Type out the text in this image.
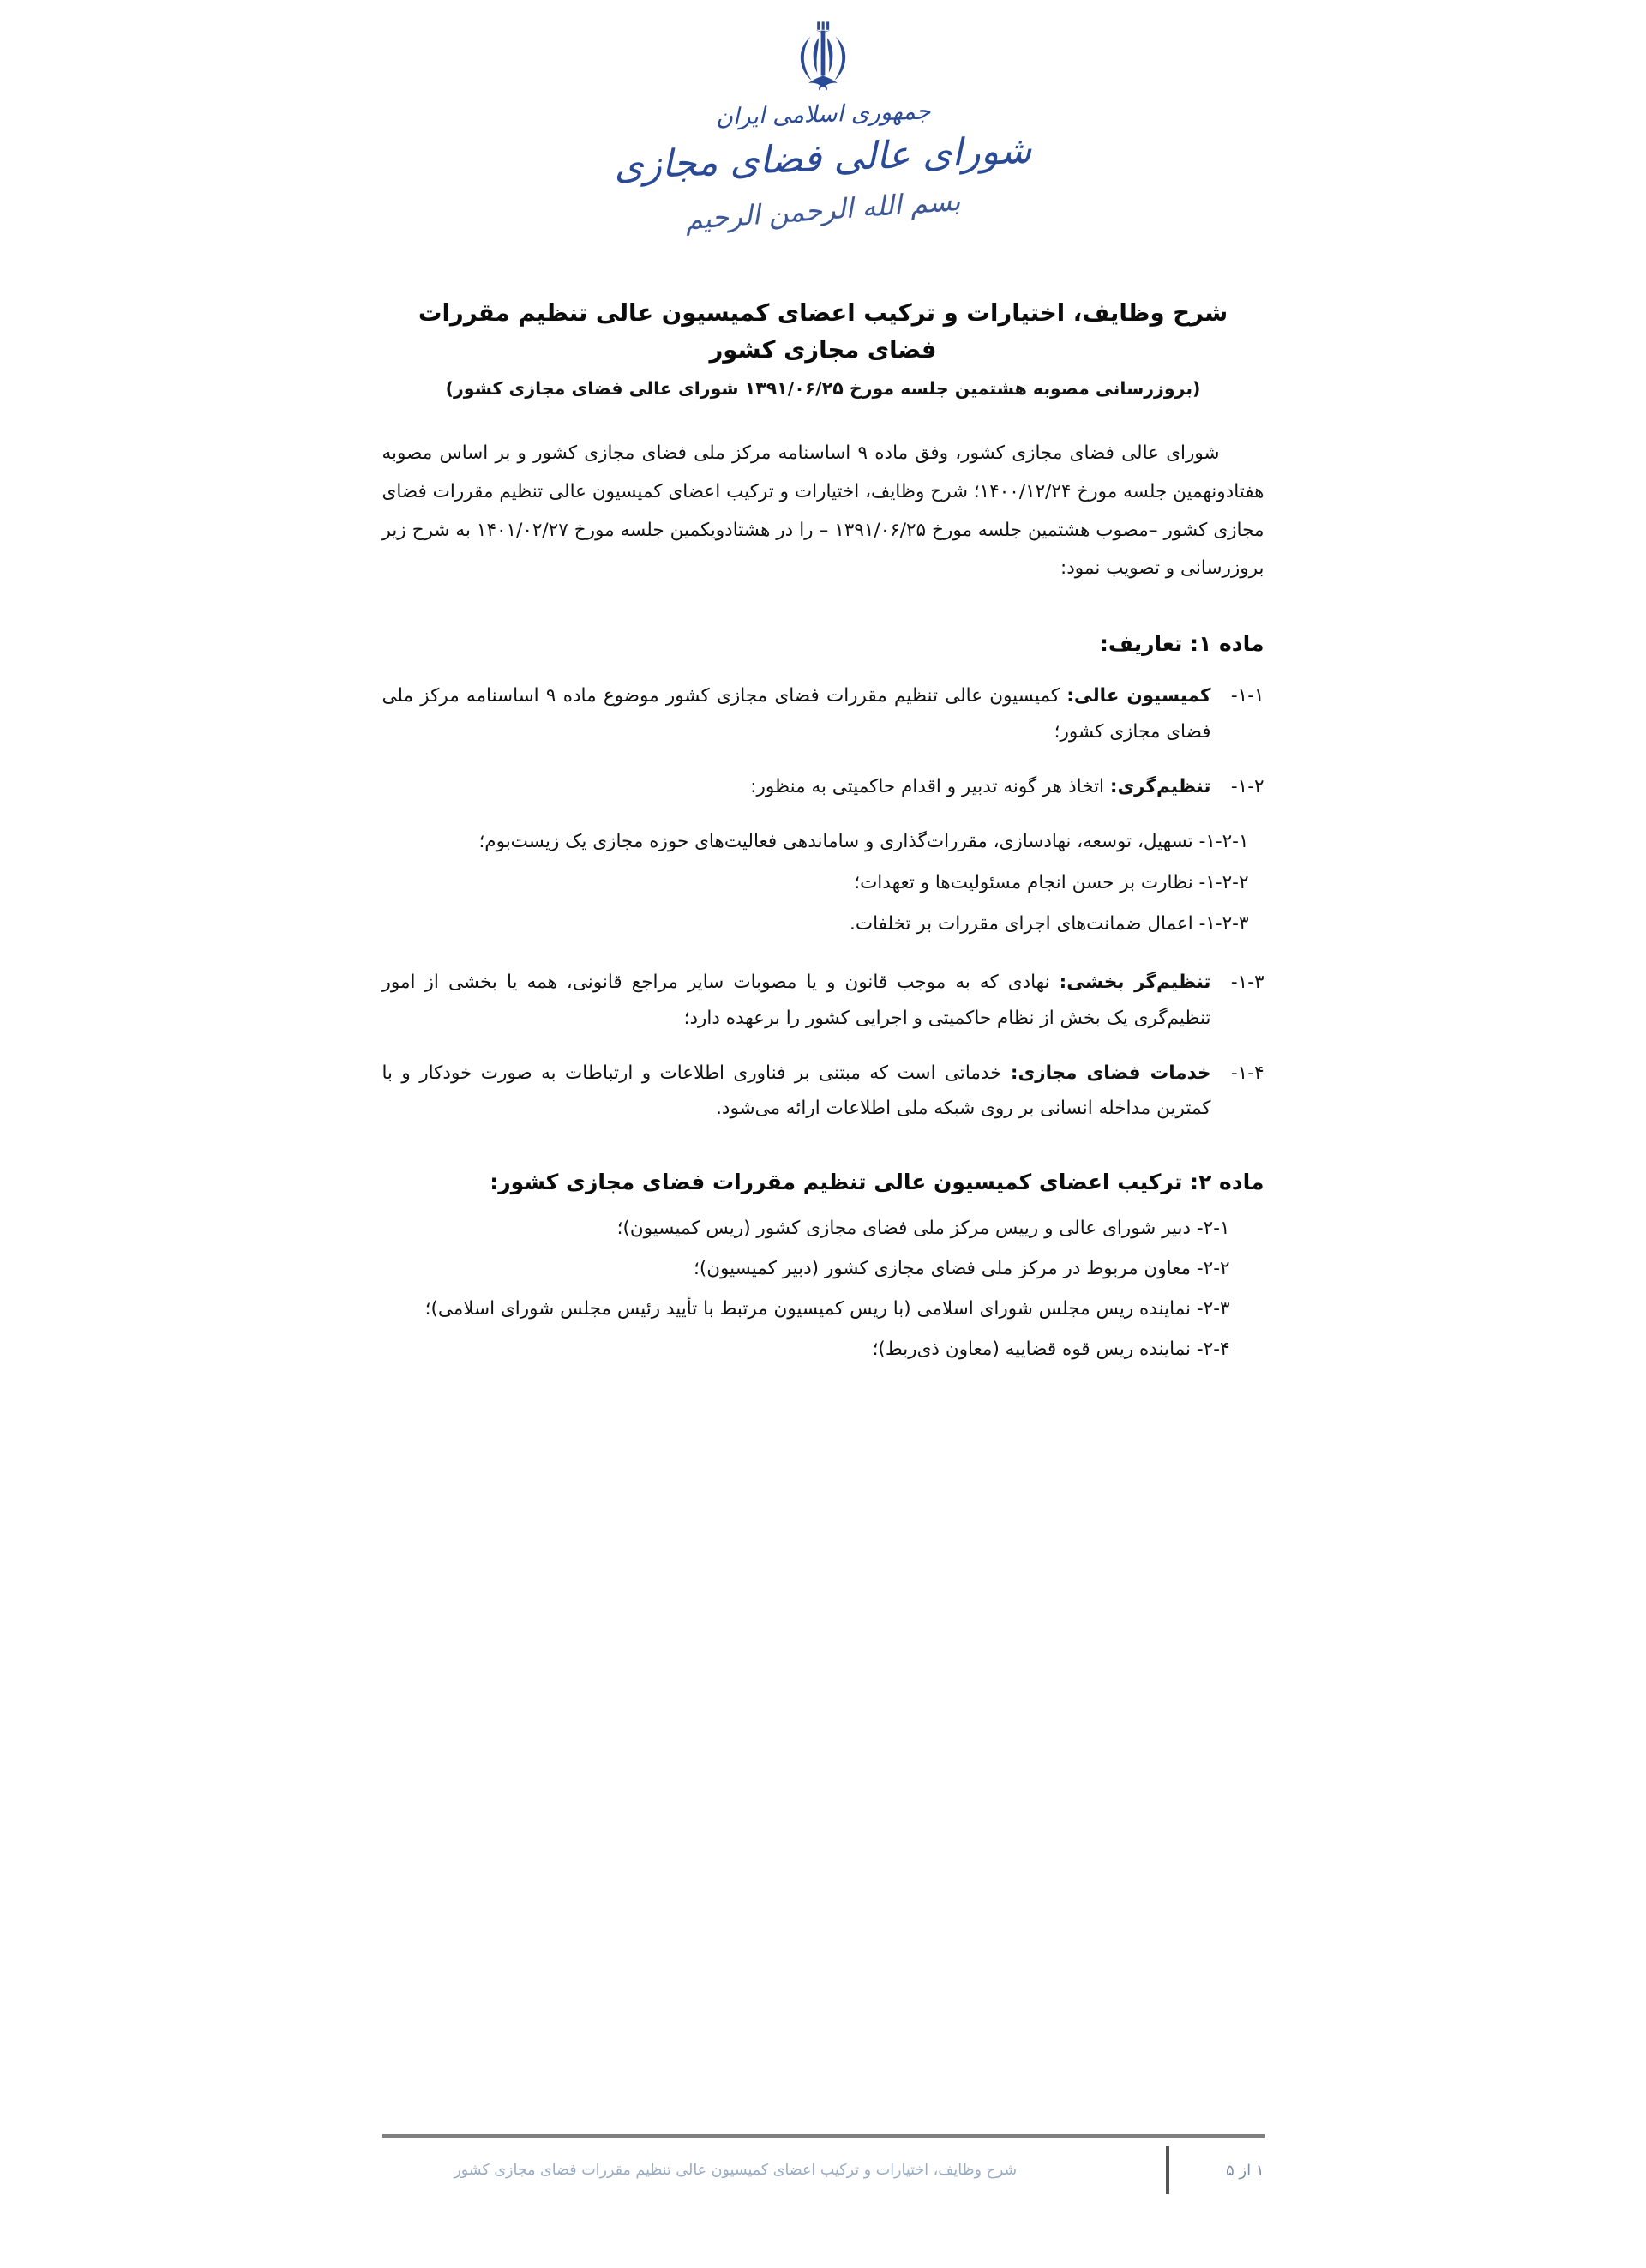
جمهوری اسلامی ایران
شورای عالی فضای مجازی
بسم الله الرحمن الرحیم
شرح وظایف، اختیارات و ترکیب اعضای کمیسیون عالی تنظیم مقررات فضای مجازی کشور
(بروزرسانی مصوبه هشتمین جلسه مورخ ۱۳۹۱/۰۶/۲۵ شورای عالی فضای مجازی کشور)

شورای عالی فضای مجازی کشور، وفق ماده ۹ اساسنامه مرکز ملی فضای مجازی کشور و بر اساس مصوبه هفتادونهمین جلسه مورخ ۱۴۰۰/۱۲/۲۴؛ شرح وظایف، اختیارات و ترکیب اعضای کمیسیون عالی تنظیم مقررات فضای مجازی کشور –مصوب هشتمین جلسه مورخ ۱۳۹۱/۰۶/۲۵ – را در هشتادویکمین جلسه مورخ ۱۴۰۱/۰۲/۲۷ به شرح زیر بروزرسانی و تصویب نمود:

ماده ۱: تعاریف:
۱-۱-
کمیسیون عالی: کمیسیون عالی تنظیم مقررات فضای مجازی کشور موضوع ماده ۹ اساسنامه مرکز ملی فضای مجازی کشور؛
۱-۲-
تنظیم‌گری: اتخاذ هر گونه تدبیر و اقدام حاکمیتی به منظور:
۱-۲-۱- تسهیل، توسعه، نهادسازی، مقررات‌گذاری و ساماندهی فعالیت‌های حوزه مجازی یک زیست‌بوم؛
۱-۲-۲- نظارت بر حسن انجام مسئولیت‌ها و تعهدات؛
۱-۲-۳- اعمال ضمانت‌های اجرای مقررات بر تخلفات.
۱-۳-
تنظیم‌گر بخشی: نهادی که به موجب قانون و یا مصوبات سایر مراجع قانونی، همه یا بخشی از امور تنظیم‌گری یک بخش از نظام حاکمیتی و اجرایی کشور را برعهده دارد؛
۱-۴-
خدمات فضای مجازی: خدماتی است که مبتنی بر فناوری اطلاعات و ارتباطات به صورت خودکار و با کمترین مداخله انسانی بر روی شبکه ملی اطلاعات ارائه می‌شود.
ماده ۲: ترکیب اعضای کمیسیون عالی تنظیم مقررات فضای مجازی کشور:
۲-۱- دبیر شورای عالی و رییس مرکز ملی فضای مجازی کشور (ریس کمیسیون)؛
۲-۲- معاون مربوط در مرکز ملی فضای مجازی کشور (دبیر کمیسیون)؛
۲-۳- نماینده ریس مجلس شورای اسلامی (با ریس کمیسیون مرتبط با تأیید رئیس مجلس شورای اسلامی)؛
۲-۴- نماینده ریس قوه قضاییه (معاون ذی‌ربط)؛
شرح وظایف، اختیارات و ترکیب اعضای کمیسیون عالی تنظیم مقررات فضای مجازی کشور	۱ از ۵
